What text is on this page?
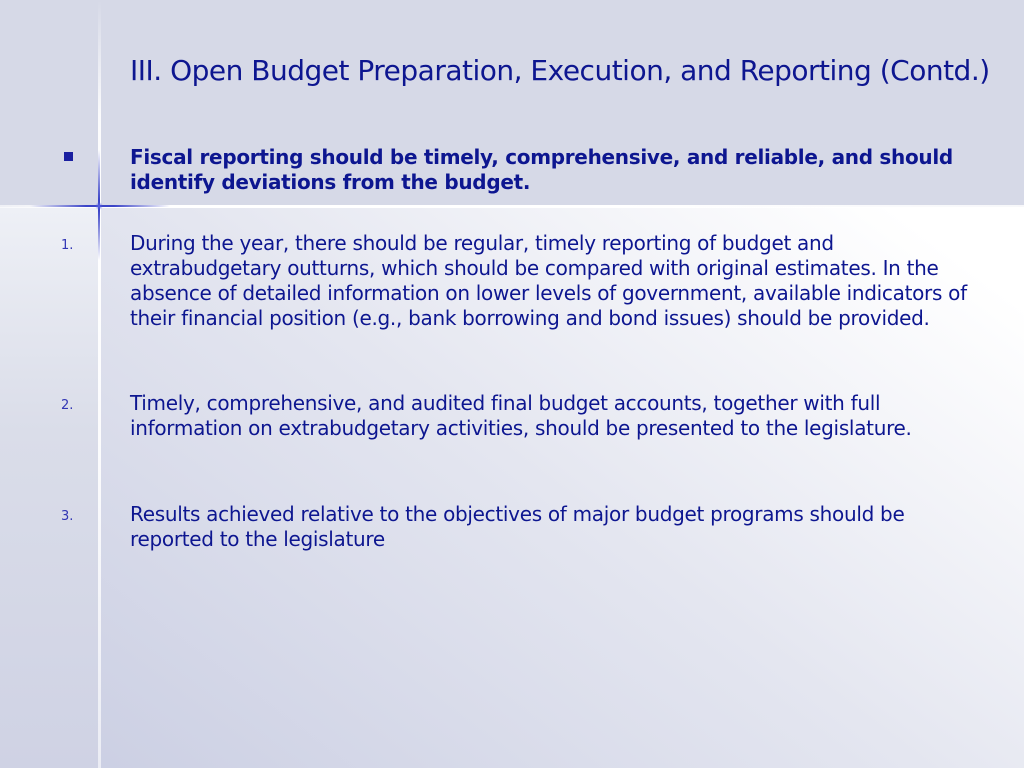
III. Open Budget Preparation, Execution, and Reporting (Contd.)

Fiscal reporting should be timely, comprehensive, and reliable, and should identify deviations from the budget.

1.	During the year, there should be regular, timely reporting of budget and extrabudgetary outturns, which should be compared with original estimates. In the absence of detailed information on lower levels of government, available indicators of their financial position (e.g., bank borrowing and bond issues) should be provided.

2.	Timely, comprehensive, and audited final budget accounts, together with full information on extrabudgetary activities, should be presented to the legislature.

3.	Results achieved relative to the objectives of major budget programs should be reported to the legislature
